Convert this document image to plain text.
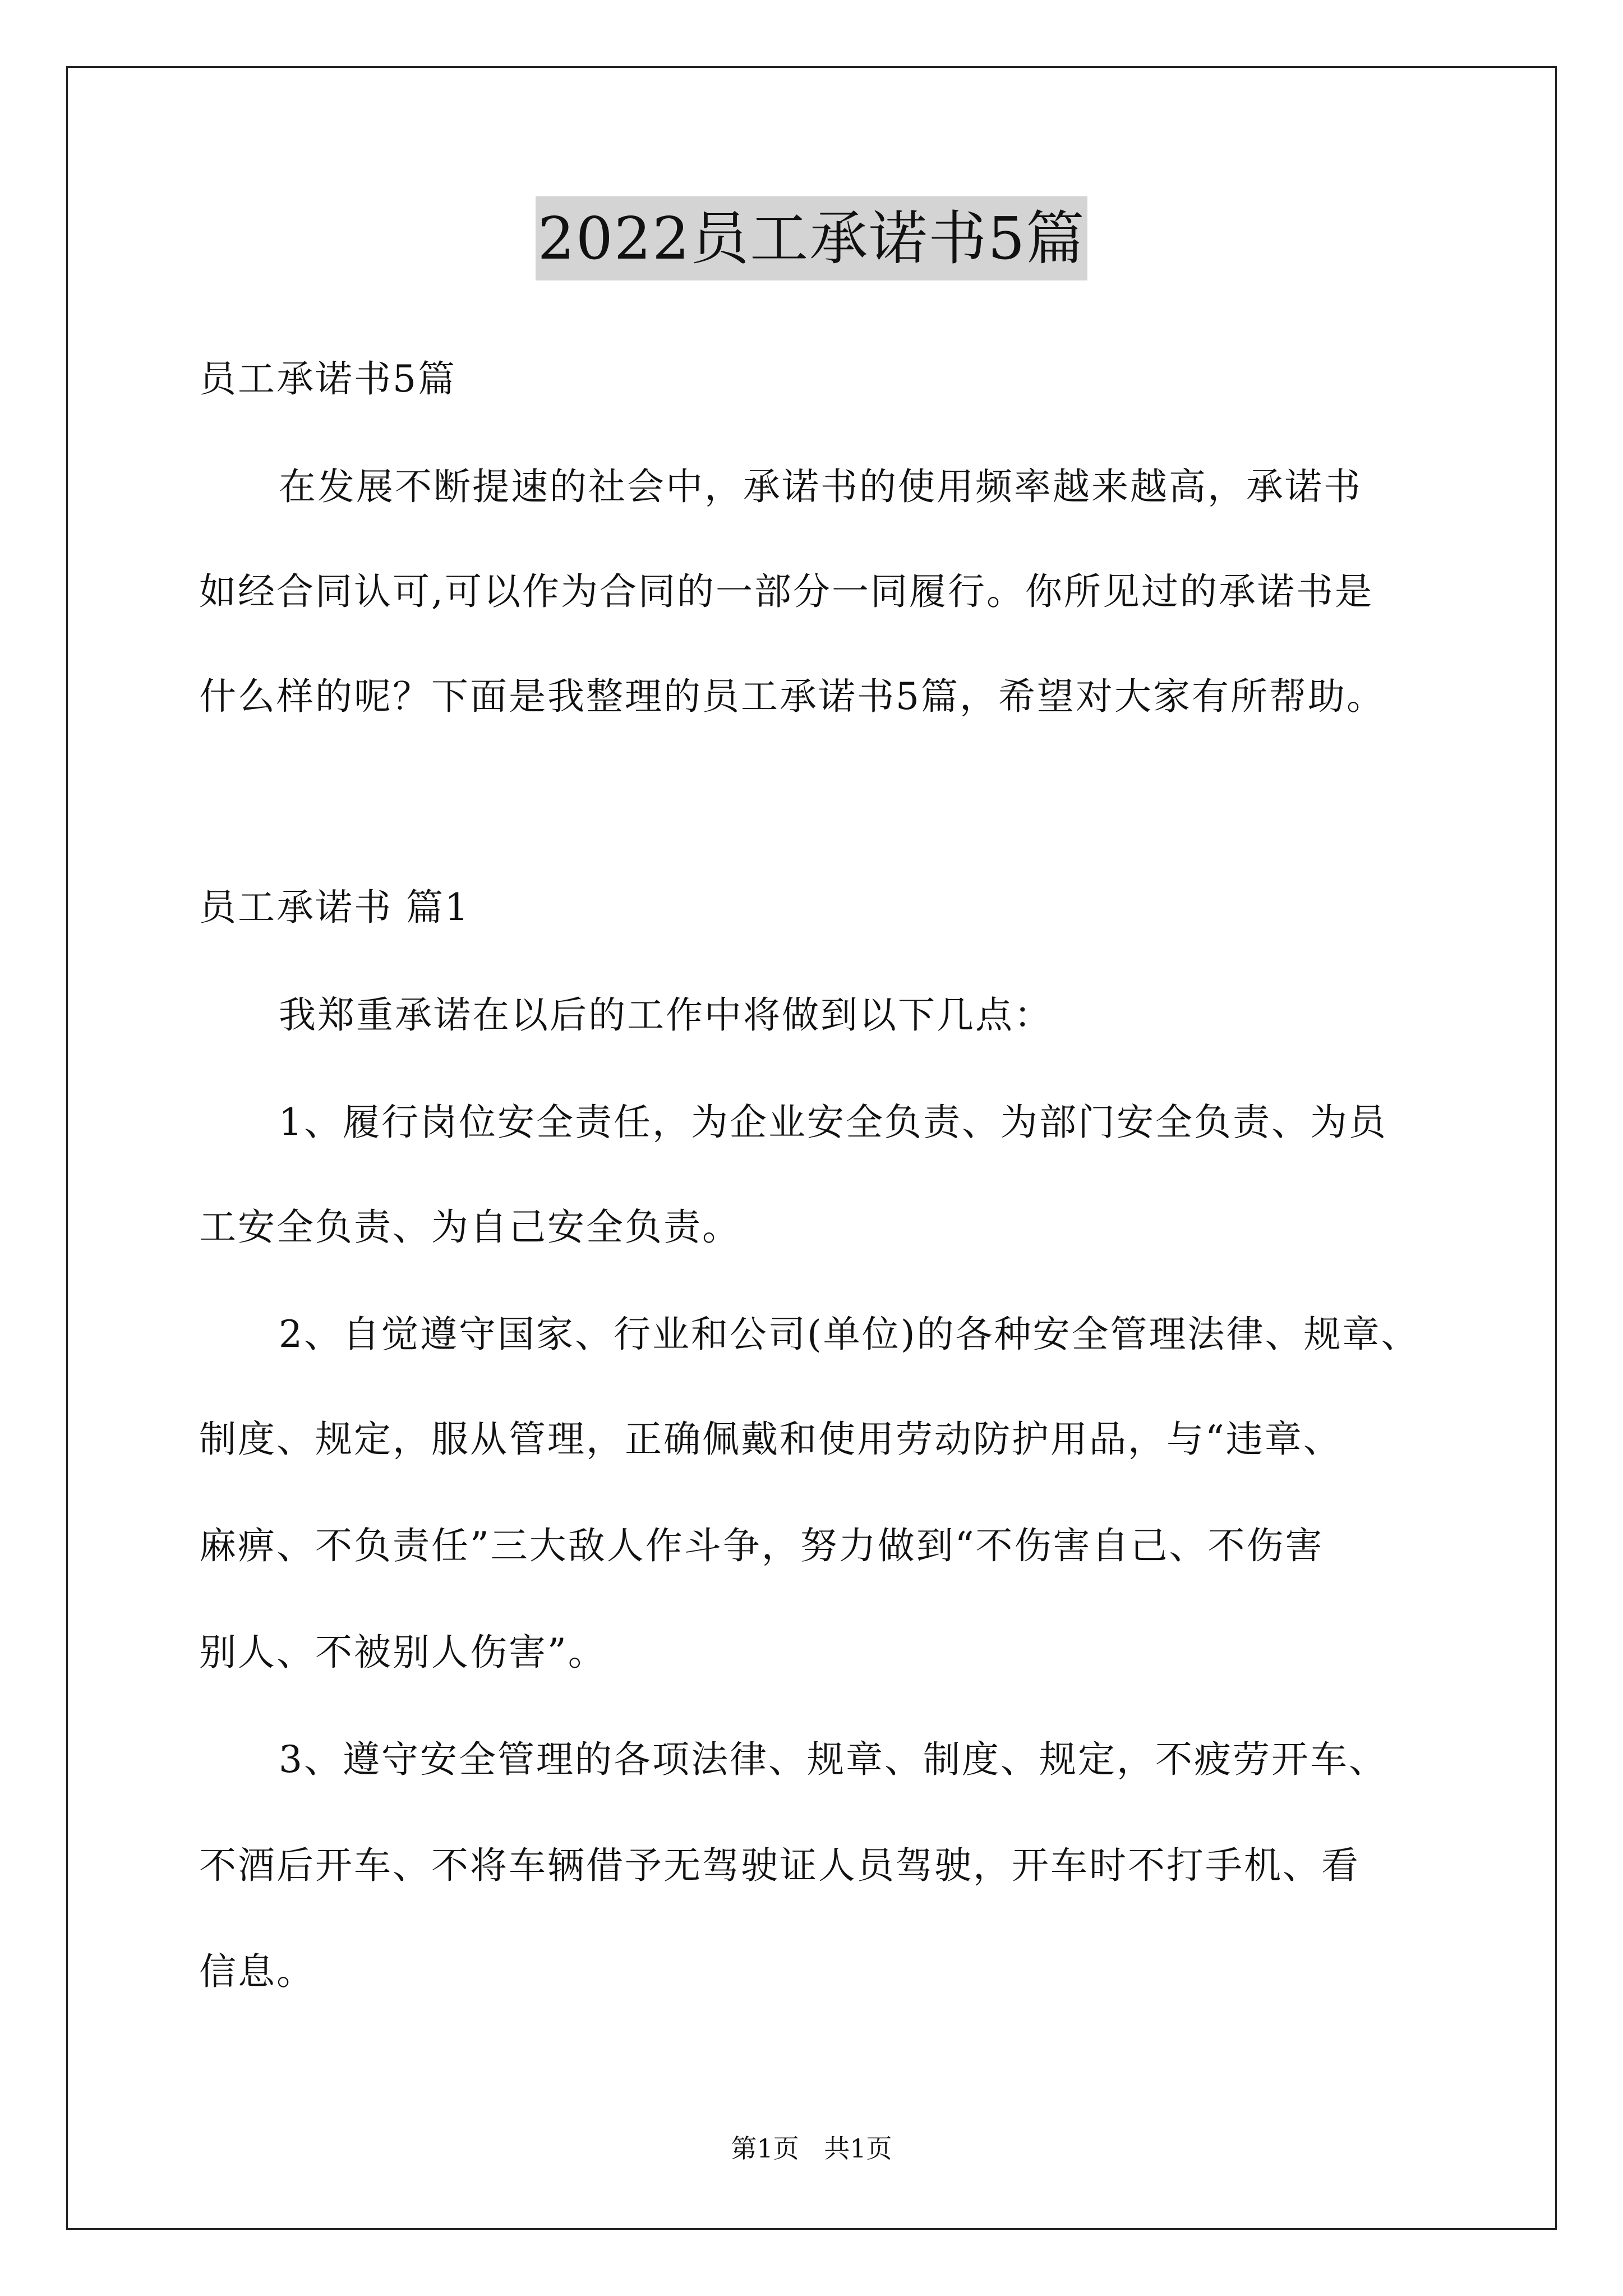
2022员工承诺书5篇
员工承诺书5篇
在发展不断提速的社会中，承诺书的使用频率越来越高，承诺书
如经合同认可,可以作为合同的一部分一同履行。你所见过的承诺书是
什么样的呢？下面是我整理的员工承诺书5篇，希望对大家有所帮助。
员工承诺书 篇1
我郑重承诺在以后的工作中将做到以下几点：
1、履行岗位安全责任，为企业安全负责、为部门安全负责、为员
工安全负责、为自己安全负责。
2、自觉遵守国家、行业和公司(单位)的各种安全管理法律、规章、
制度、规定，服从管理，正确佩戴和使用劳动防护用品，与“违章、
麻痹、不负责任”三大敌人作斗争，努力做到“不伤害自己、不伤害
别人、不被别人伤害”。
3、遵守安全管理的各项法律、规章、制度、规定，不疲劳开车、
不酒后开车、不将车辆借予无驾驶证人员驾驶，开车时不打手机、看
信息。
第1页 共1页
